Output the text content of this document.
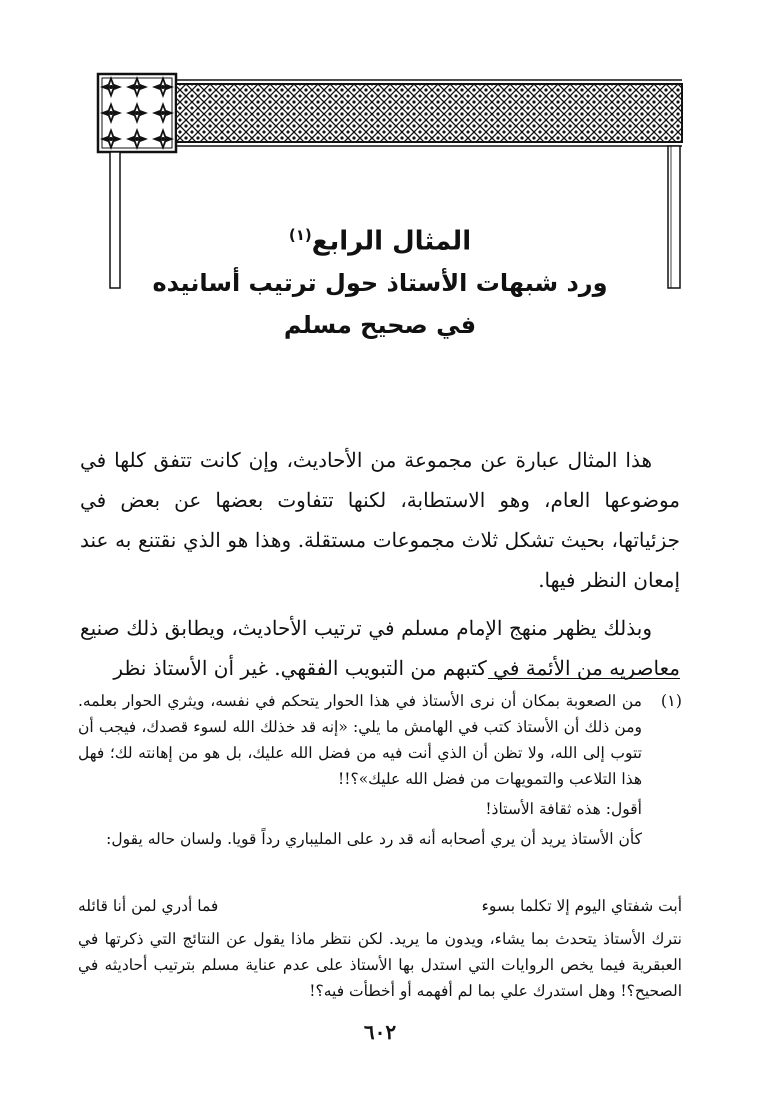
المثال الرابع$^{(١)}$
ورد شبهات الأستاذ حول ترتيب أسانيده
في صحيح مسلم

هذا المثال عبارة عن مجموعة من الأحاديث، وإن كانت تتفق كلها في موضوعها العام، وهو الاستطابة، لكنها تتفاوت بعضها عن بعض في جزئياتها، بحيث تشكل ثلاث مجموعات مستقلة. وهذا هو الذي نقتنع به عند إمعان النظر فيها.

وبذلك يظهر منهج الإمام مسلم في ترتيب الأحاديث، ويطابق ذلك صنيع معاصريه من الأئمة في كتبهم من التبويب الفقهي. غير أن الأستاذ نظر

(١)

من الصعوبة بمكان أن نرى الأستاذ في هذا الحوار يتحكم في نفسه، ويثري الحوار بعلمه. ومن ذلك أن الأستاذ كتب في الهامش ما يلي: «إنه قد خذلك الله لسوء قصدك، فيجب أن تتوب إلى الله، ولا تظن أن الذي أنت فيه من فضل الله عليك، بل هو من إهانته لك؛ فهل هذا التلاعب والتمويهات من فضل الله عليك»؟!!

أقول: هذه ثقافة الأستاذ!

كأن الأستاذ يريد أن يري أصحابه أنه قد رد على المليباري رداً قويا. ولسان حاله يقول:

أبت شفتاي اليوم إلا تكلما بسوء
فما أدري لمن أنا قائله
نترك الأستاذ يتحدث بما يشاء، ويدون ما يريد. لكن نتظر ماذا يقول عن النتائج التي ذكرتها في العبقرية فيما يخص الروايات التي استدل بها الأستاذ على عدم عناية مسلم بترتيب أحاديثه في الصحيح؟! وهل استدرك علي بما لم أفهمه أو أخطأت فيه؟!
٦٠٢
